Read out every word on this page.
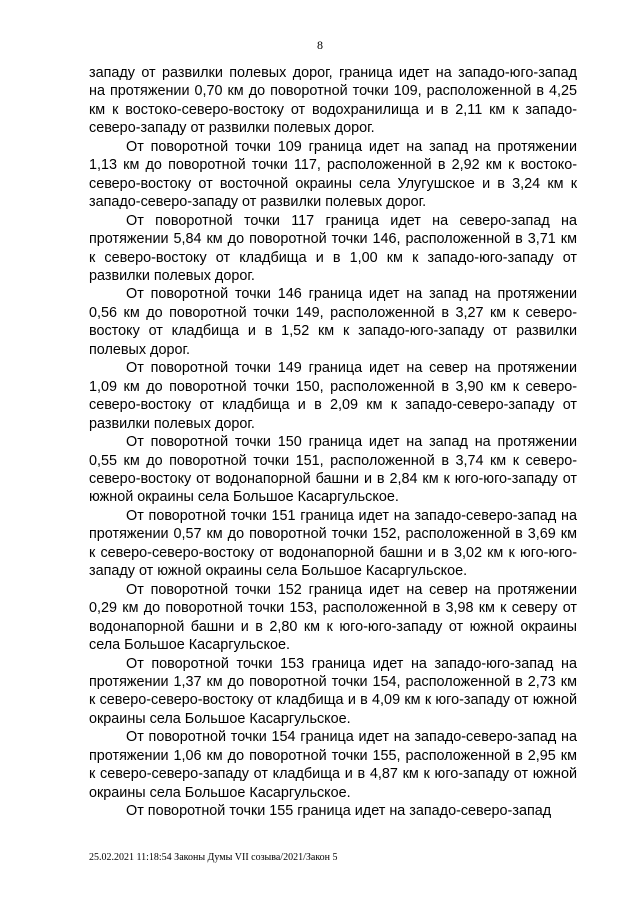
8

западу от развилки полевых дорог, граница идет на западо-юго-запад на протяжении 0,70 км до поворотной точки 109, расположенной в 4,25 км к востоко-северо-востоку от водохранилища и в 2,11 км к западо-северо-западу от развилки полевых дорог.

От поворотной точки 109 граница идет на запад на протяжении 1,13 км до поворотной точки 117, расположенной в 2,92 км к востоко-северо-востоку от восточной окраины села Улугушское и в 3,24 км к западо-северо-западу от развилки полевых дорог.

От поворотной точки 117 граница идет на северо-запад на протяжении 5,84 км до поворотной точки 146, расположенной в 3,71 км к северо-востоку от кладбища и в 1,00 км к западо-юго-западу от развилки полевых дорог.

От поворотной точки 146 граница идет на запад на протяжении 0,56 км до поворотной точки 149, расположенной в 3,27 км к северо-востоку от кладбища и в 1,52 км к западо-юго-западу от развилки полевых дорог.

От поворотной точки 149 граница идет на север на протяжении 1,09 км до поворотной точки 150, расположенной в 3,90 км к северо-северо-востоку от кладбища и в 2,09 км к западо-северо-западу от развилки полевых дорог.

От поворотной точки 150 граница идет на запад на протяжении 0,55 км до поворотной точки 151, расположенной в 3,74 км к северо-северо-востоку от водонапорной башни и в 2,84 км к юго-юго-западу от южной окраины села Большое Касаргульское.

От поворотной точки 151 граница идет на западо-северо-запад на протяжении 0,57 км до поворотной точки 152, расположенной в 3,69 км к северо-северо-востоку от водонапорной башни и в 3,02 км к юго-юго-западу от южной окраины села Большое Касаргульское.

От поворотной точки 152 граница идет на север на протяжении 0,29 км до поворотной точки 153, расположенной в 3,98 км к северу от водонапорной башни и в 2,80 км к юго-юго-западу от южной окраины села Большое Касаргульское.

От поворотной точки 153 граница идет на западо-юго-запад на протяжении 1,37 км до поворотной точки 154, расположенной в 2,73 км к северо-северо-востоку от кладбища и в 4,09 км к юго-западу от южной окраины села Большое Касаргульское.

От поворотной точки 154 граница идет на западо-северо-запад на протяжении 1,06 км до поворотной точки 155, расположенной в 2,95 км к северо-северо-западу от кладбища и в 4,87 км к юго-западу от южной окраины села Большое Касаргульское.

От поворотной точки 155 граница идет на западо-северо-запад

25.02.2021 11:18:54 Законы Думы VII созыва/2021/Закон 5
